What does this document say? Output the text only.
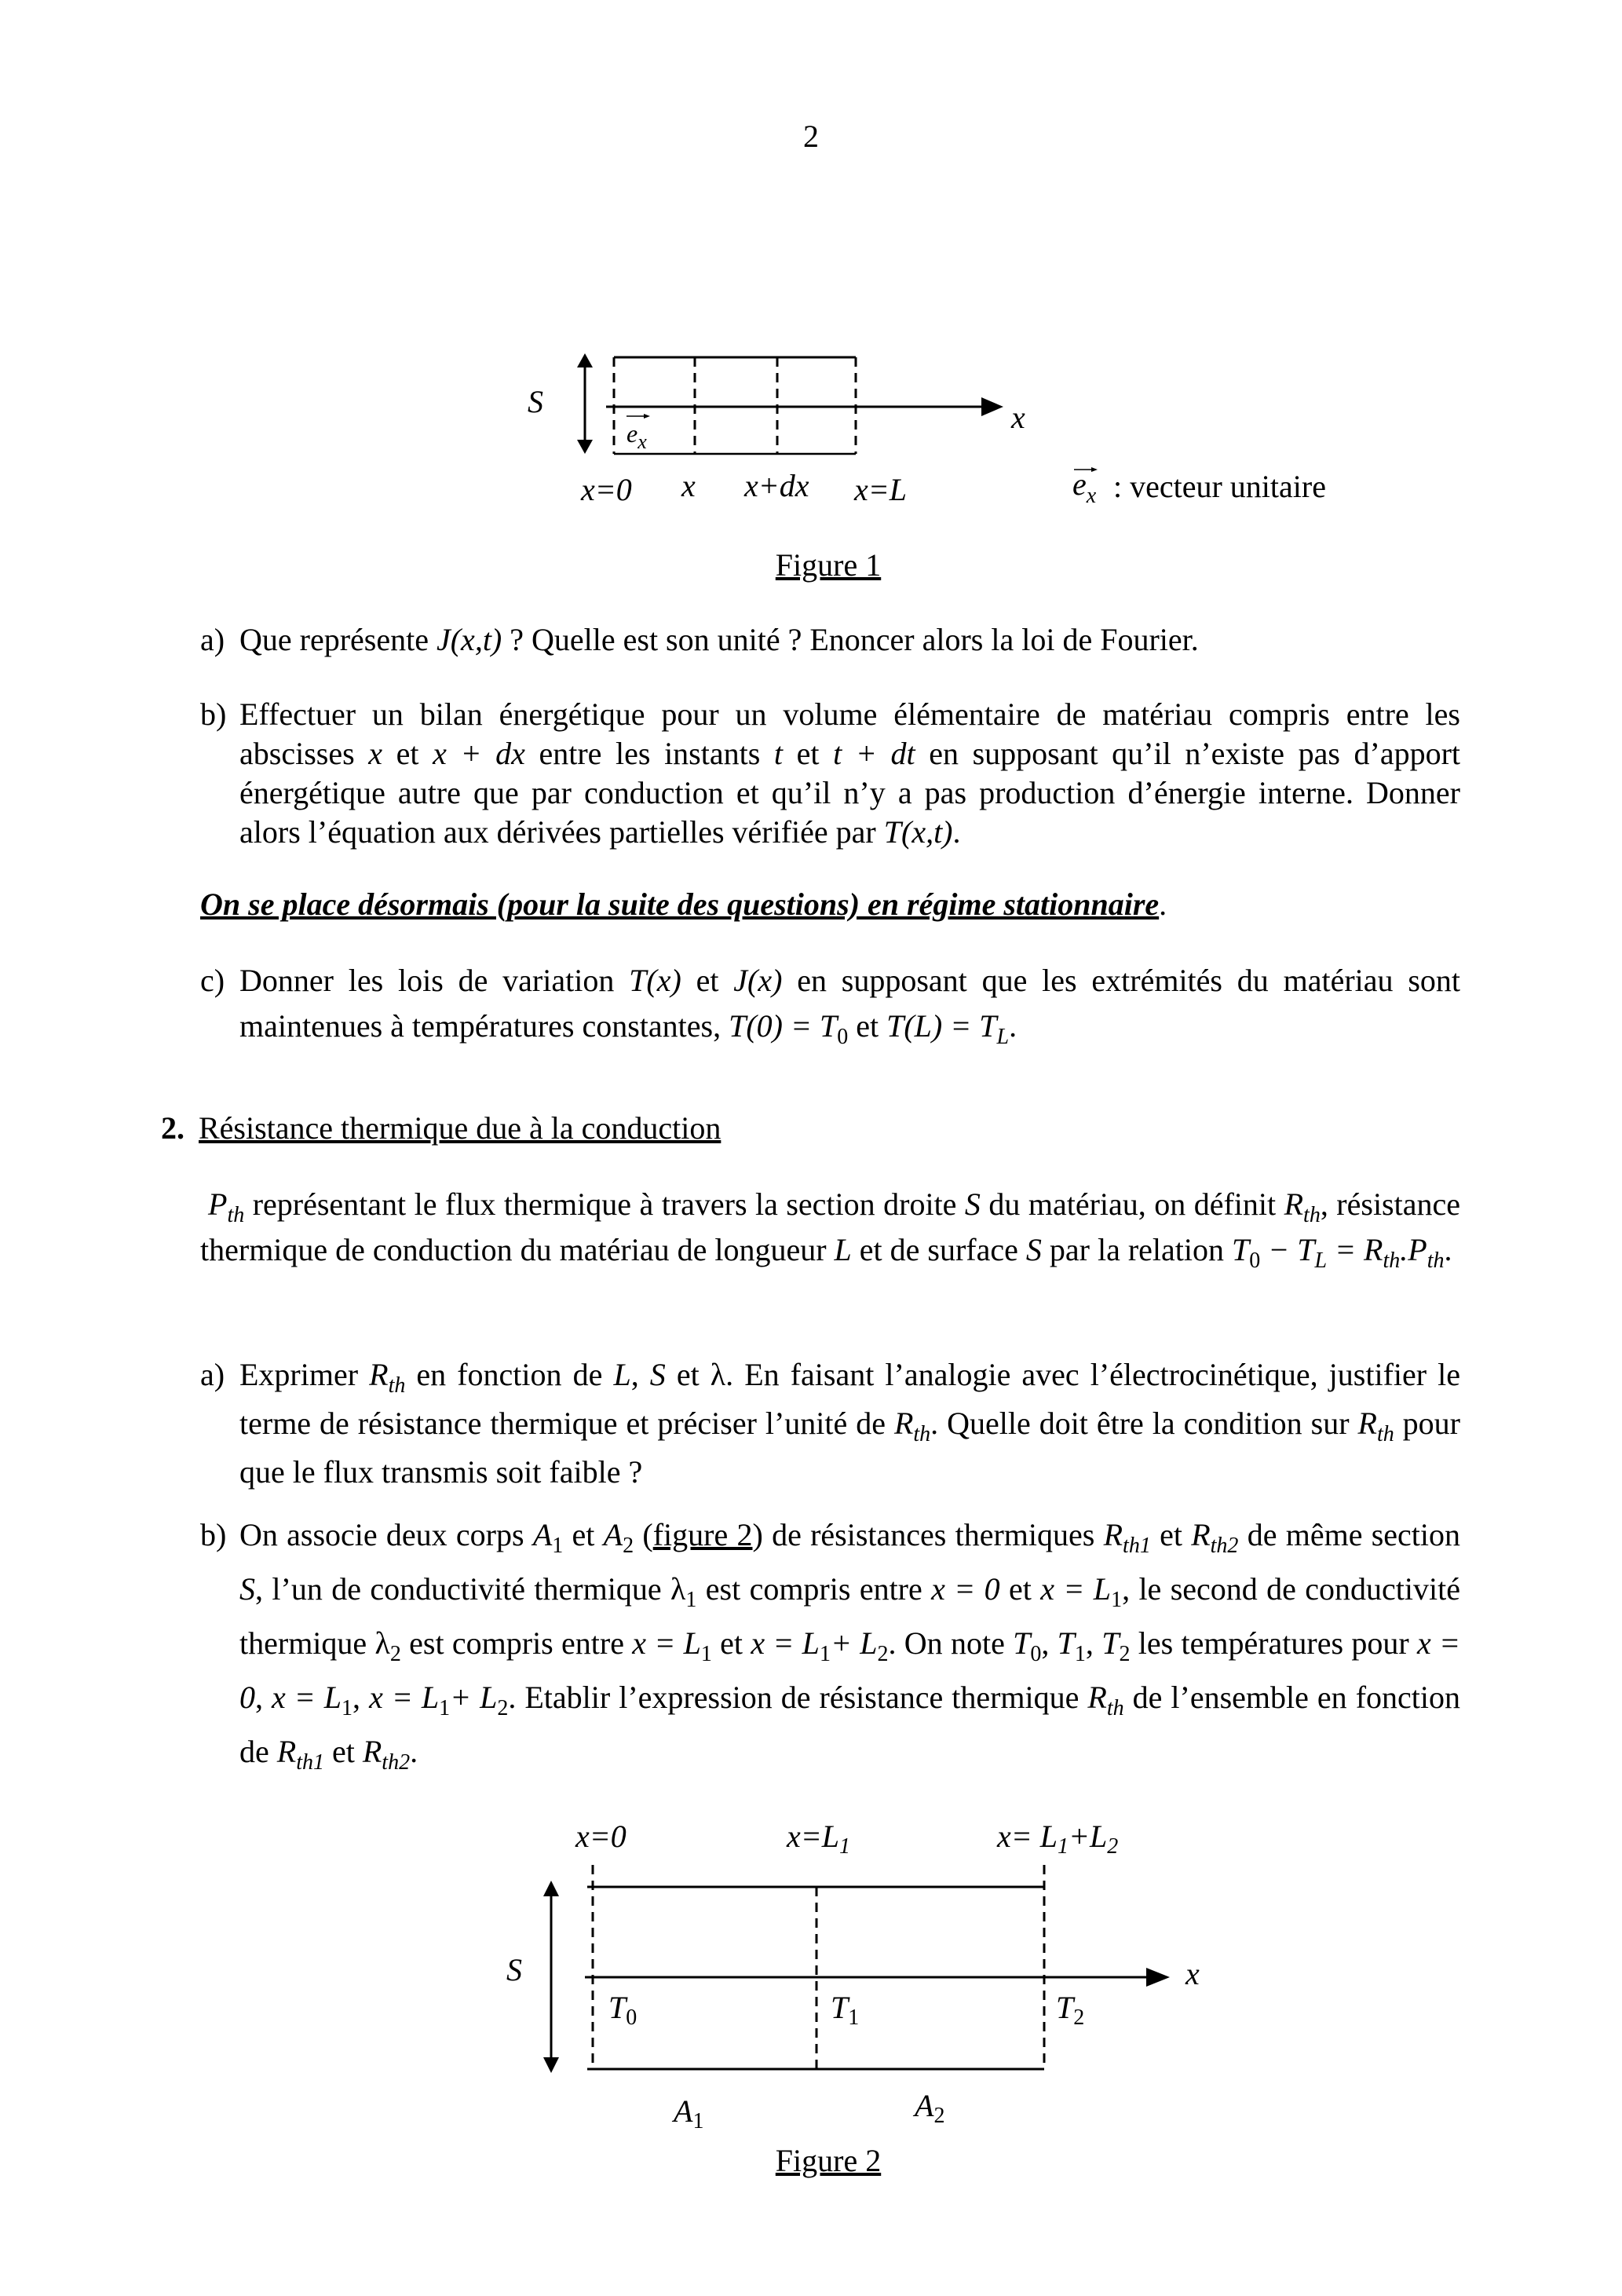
2
S	x
$e_x$
x=0 x x+dx x=L	$e_x$ : vecteur unitaire
Figure 1
a) Que représente J(x,t) ? Quelle est son unité ? Enoncer alors la loi de Fourier.
b) Effectuer un bilan énergétique pour un volume élémentaire de matériau compris entre les abscisses x et x + dx entre les instants t et t + dt en supposant qu’il n’existe pas d’apport énergétique autre que par conduction et qu’il n’y a pas production d’énergie interne. Donner alors l’équation aux dérivées partielles vérifiée par T(x,t).
On se place désormais (pour la suite des questions) en régime stationnaire.
c) Donner les lois de variation T(x) et J(x) en supposant que les extrémités du matériau sont maintenues à températures constantes, $T(0) = T_0$ et $T(L) = T_L$.
2. Résistance thermique due à la conduction
$P_{th}$ représentant le flux thermique à travers la section droite S du matériau, on définit $R_{th}$, résistance thermique de conduction du matériau de longueur L et de surface S par la relation $T_0 - T_L = R_{th}.P_{th}$.
a) Exprimer $R_{th}$ en fonction de L, S et λ. En faisant l’analogie avec l’électrocinétique, justifier le terme de résistance thermique et préciser l’unité de $R_{th}$. Quelle doit être la condition sur $R_{th}$ pour que le flux transmis soit faible ?
b) On associe deux corps $A_1$ et $A_2$ (figure 2) de résistances thermiques $R_{th1}$ et $R_{th2}$ de même section S, l’un de conductivité thermique $\lambda_1$ est compris entre x = 0 et $x = L_1$, le second de conductivité thermique $\lambda_2$ est compris entre $x = L_1$ et $x = L_1+ L_2$. On note $T_0$, $T_1$, $T_2$ les températures pour x = 0, $x = L_1$, $x = L_1+ L_2$. Etablir l’expression de résistance thermique $R_{th}$ de l’ensemble en fonction de $R_{th1}$ et $R_{th2}$.
x=0	$x=L_1$	$x= L_1+L_2$
S	x
$T_0$	$T_1$	$T_2$
$A_1$	$A_2$
Figure 2
